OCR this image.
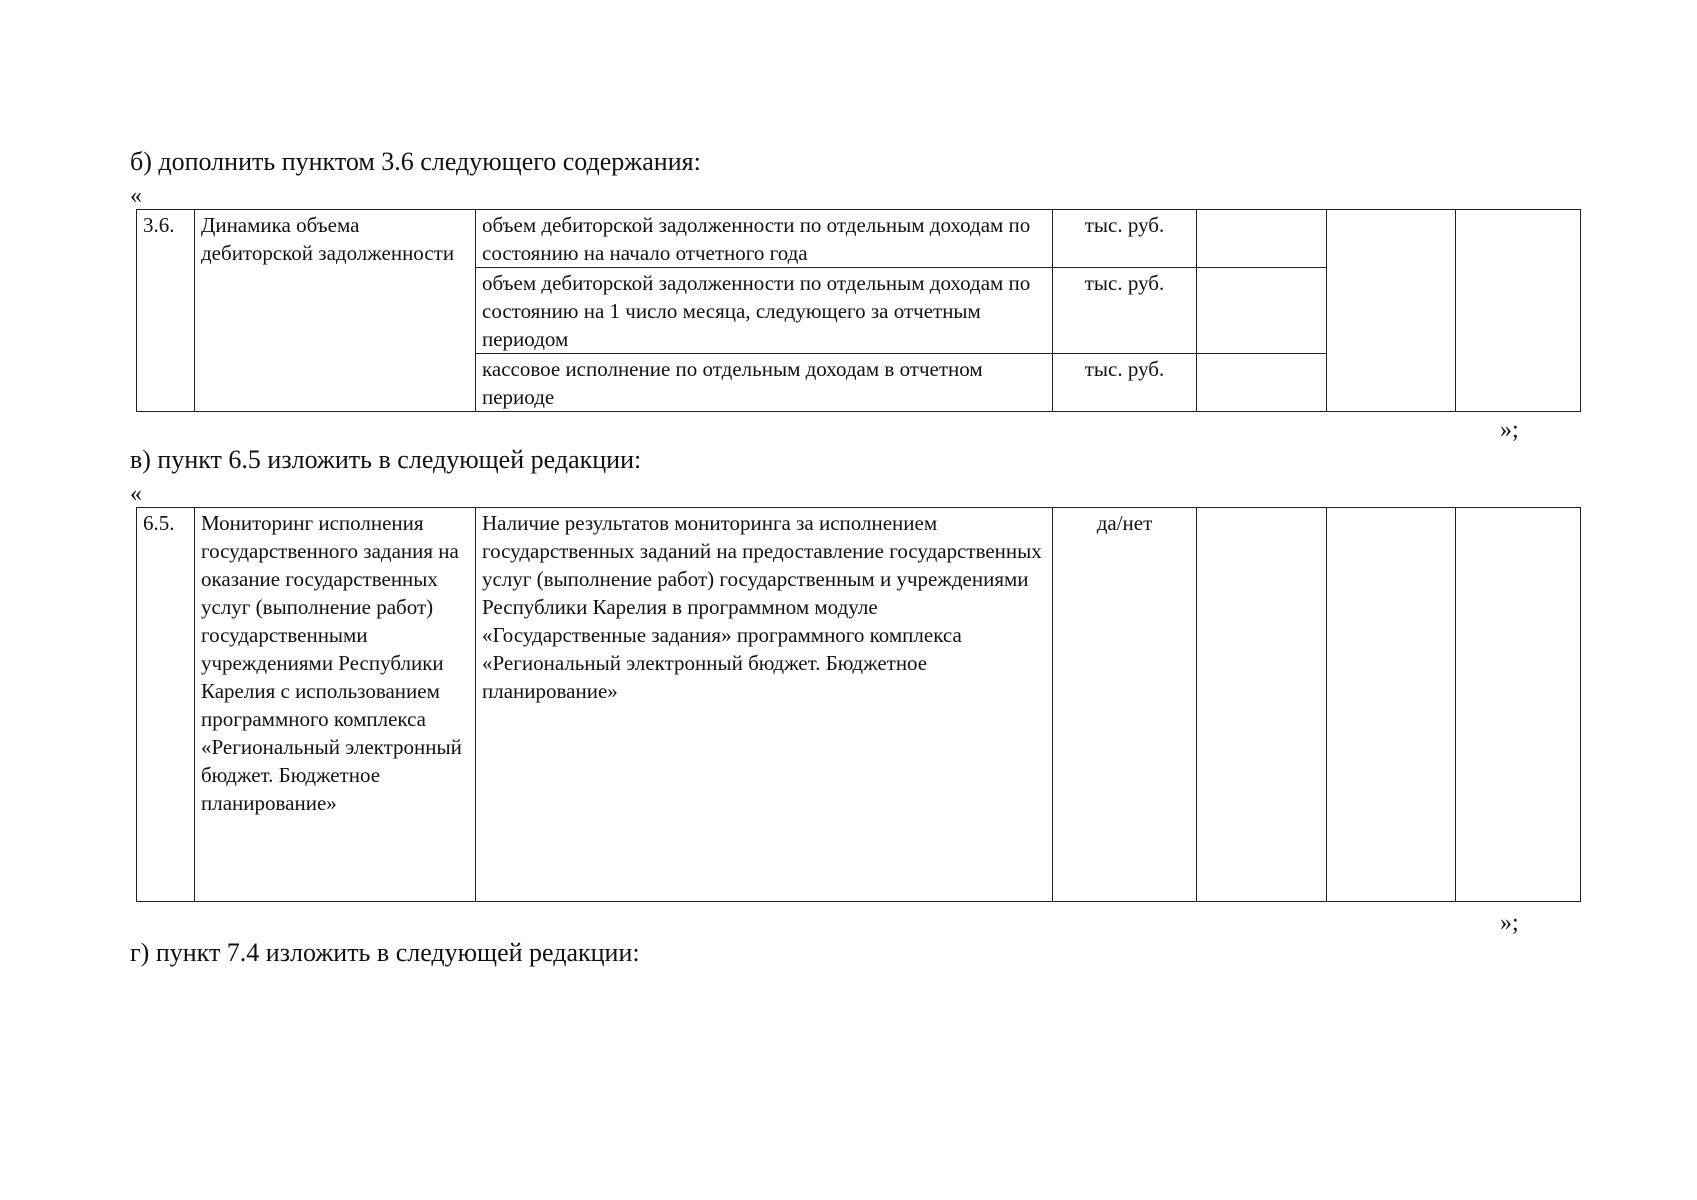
б) дополнить пунктом 3.6 следующего содержания:
«
3.6.	Динамика объема дебиторской задолженности	объем дебиторской задолженности по отдельным доходам по состоянию на начало отчетного года	тыс. руб.			
		объем дебиторской задолженности по отдельным доходам по состоянию на 1 число месяца, следующего за отчетным периодом	тыс. руб.			
		кассовое исполнение по отдельным доходам в отчетном периоде	тыс. руб.			
»;
в) пункт 6.5 изложить в следующей редакции:
«
6.5.	Мониторинг исполнения государственного задания на оказание государственных услуг (выполнение работ) государственными учреждениями Республики Карелия с использованием программного комплекса «Региональный электронный бюджет. Бюджетное планирование»	Наличие результатов мониторинга за исполнением государственных заданий на предоставление государственных услуг (выполнение работ) государственным и учреждениями Республики Карелия в программном модуле «Государственные задания» программного комплекса «Региональный электронный бюджет. Бюджетное планирование»	да/нет			
»;
г) пункт 7.4 изложить в следующей редакции:
